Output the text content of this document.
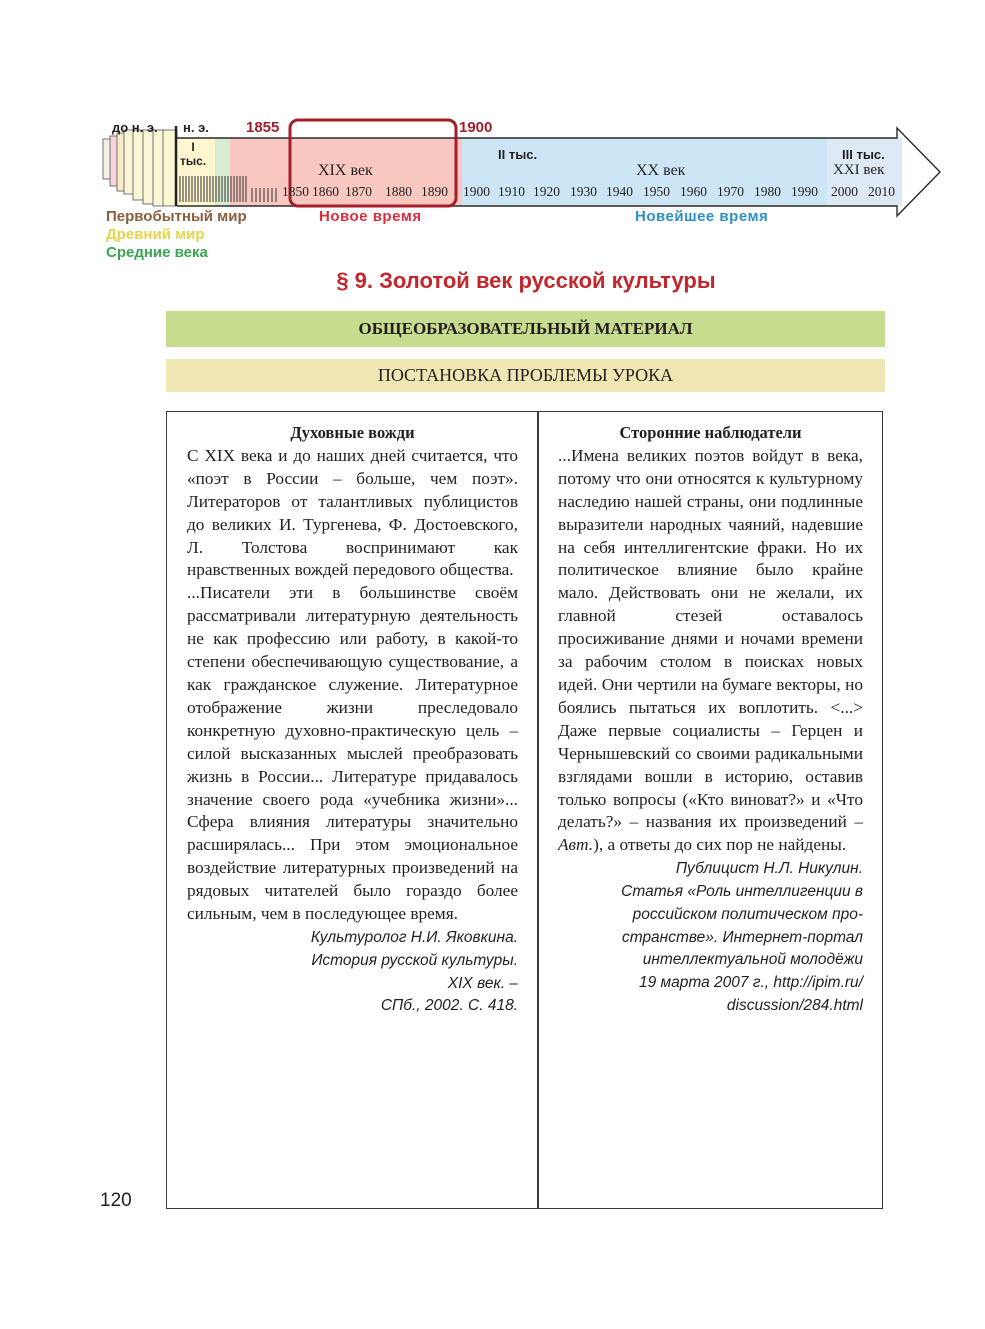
до н. э. н. э. 1855	1900
I
тыс.	II тыс.	III тыс.
XIX век	XX век	XXI век
1850 1860 1870 1880 1890 1900 1910 1920 1930 1940 1950 1960 1970 1980 1990 2000 2010
Первобытный мир
Древний мир
Средние века
Новое время	Новейшее время
§ 9. Золотой век русской культуры
ОБЩЕОБРАЗОВАТЕЛЬНЫЙ МАТЕРИАЛ
ПОСТАНОВКА ПРОБЛЕМЫ УРОКА
Духовные вожди

С XIX века и до наших дней считается, что «поэт в России – больше, чем поэт». Литераторов от талантливых публицистов до великих И. Тургенева, Ф. Достоевского, Л. Толстова воспринимают как нравственных вождей передового общества.

...Писатели эти в большинстве своём рассматривали литературную деятельность не как профессию или работу, в какой-то степени обеспечивающую существование, а как гражданское служение. Литературное отображение жизни преследовало конкретную духовно-практическую цель – силой высказанных мыслей преобразовать жизнь в России... Литературе придавалось значение своего рода «учебника жизни»... Сфера влияния литературы значительно расширялась... При этом эмоциональное воздействие литературных произведений на рядовых читателей было гораздо более сильным, чем в последующее время.

Культуролог Н.И. Яковкина.
История русской культуры.
XIX век. –
СПб., 2002. С. 418.
Сторонние наблюдатели

...Имена великих поэтов войдут в века, потому что они относятся к культурному наследию нашей страны, они подлинные выразители народных чаяний, надевшие на себя интеллигентские фраки. Но их политическое влияние было крайне мало. Действовать они не желали, их главной стезей оставалось просиживание днями и ночами времени за рабочим столом в поисках новых идей. Они чертили на бумаге векторы, но боялись пытаться их воплотить. <...> Даже первые социалисты – Герцен и Чернышевский со своими радикальными взглядами вошли в историю, оставив только вопросы («Кто виноват?» и «Что делать?» – названия их произведений – Авт.), а ответы до сих пор не найдены.

Публицист Н.Л. Никулин.
Статья «Роль интеллигенции в
российском политическом про-
странстве». Интернет-портал
интеллектуальной молодёжи
19 марта 2007 г., http://ipim.ru/
discussion/284.html
120
